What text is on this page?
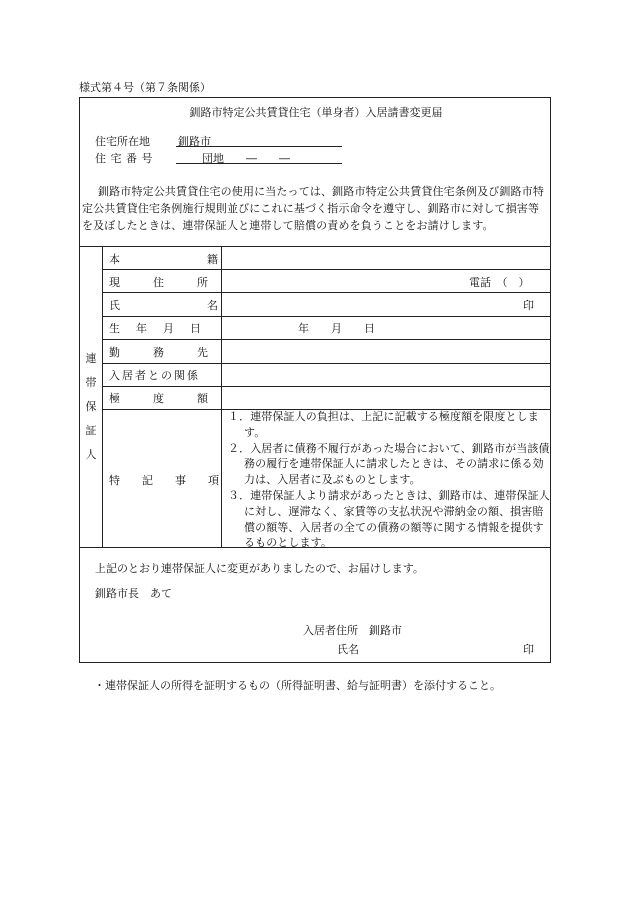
様式第４号（第７条関係）
釧路市特定公共賃貸住宅（単身者）入居請書変更届
住宅所在地	釧路市
住宅番号	団地　　―　　―
釧路市特定公共賃貸住宅の使用に当たっては、釧路市特定公共賃貸住宅条例及び釧路市特定公共賃貸住宅条例施行規則並びにこれに基づく指示命令を遵守し、釧路市に対して損害等を及ぼしたときは、連帯保証人と連帯して賠償の責めを負うことをお請けします。
連
帯
保
証
人
本籍
現住所	電話　（　）
氏名	印
生年月日	年　　月　　日
勤務先
入居者との関係
極度額
特記事項
１．連帯保証人の負担は、上記に記載する極度額を限度とします。
２．入居者に債務不履行があった場合において、釧路市が当該債務の履行を連帯保証人に請求したときは、その請求に係る効力は、入居者に及ぶものとします。
３．連帯保証人より請求があったときは、釧路市は、連帯保証人に対し、遅滞なく、家賃等の支払状況や滞納金の額、損害賠償の額等、入居者の全ての債務の額等に関する情報を提供するものとします。
上記のとおり連帯保証人に変更がありましたので、お届けします。
釧路市長　あて
入居者住所　釧路市
氏名	印
・連帯保証人の所得を証明するもの（所得証明書、給与証明書）を添付すること。
